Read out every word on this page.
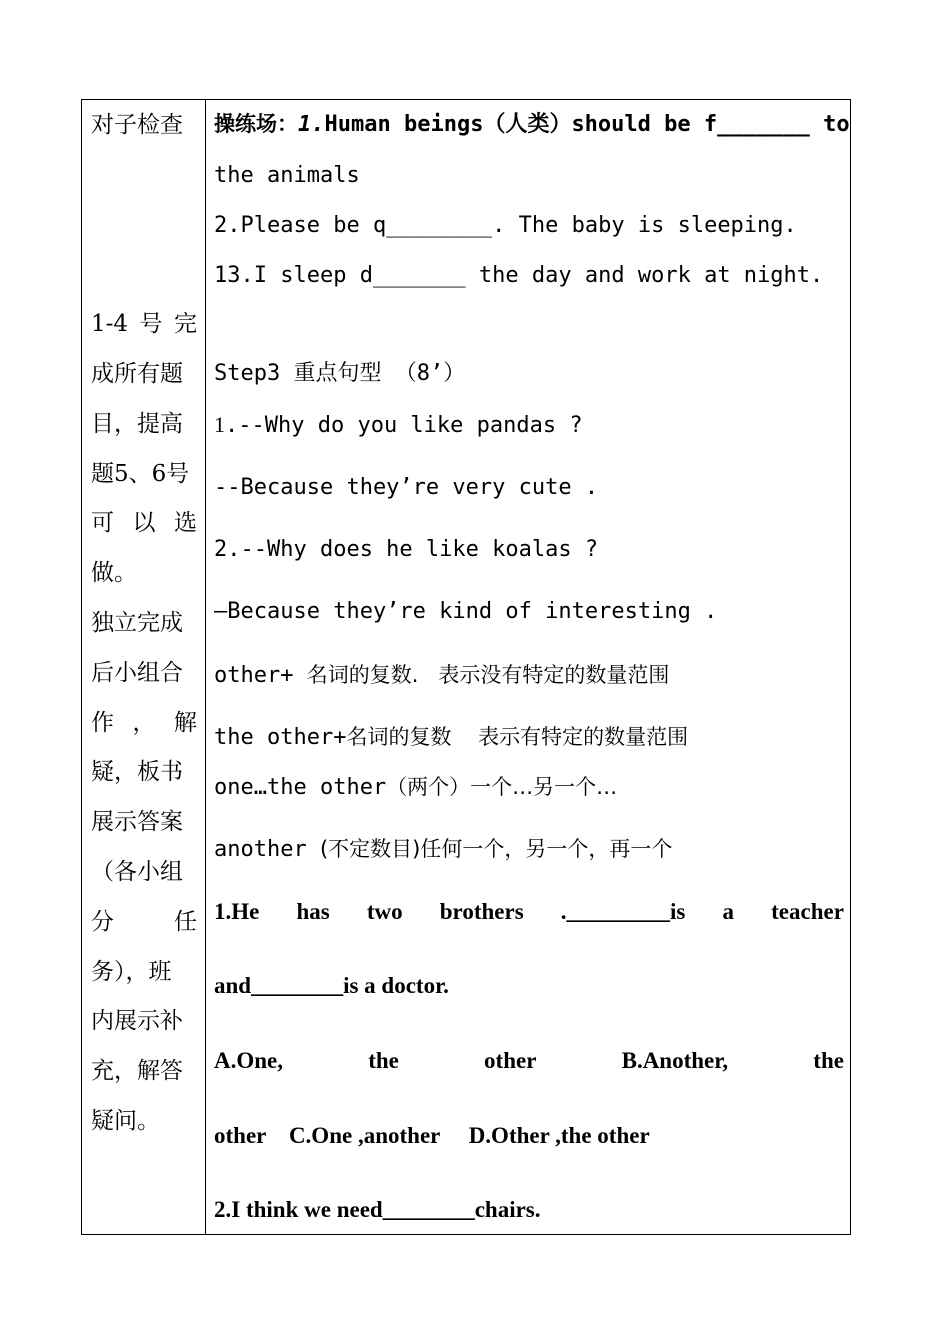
对子检查
1-4 号 完
成所有题
目，提高
题5、6号
可 以 选
做。
独立完成
后小组合
作 ， 解
疑，板书
展示答案
（各小组
分	任
务），班
内展示补
充，解答
疑问。
操练场：1.Human beings（人类）should be f_______ to
the animals
2.Please be q________. The baby is sleeping.
13.I sleep d_______ the day and work at night.
Step3 重点句型 （8’）
1.--Why do you like pandas ?
--Because they’re very cute .
2.--Why does he like koalas ?
—Because they’re kind of interesting .
other+ 名词的复数.   表示没有特定的数量范围
the other+名词的复数    表示有特定的数量范围
one…the other（两个）一个…另一个…
another (不定数目)任何一个，另一个，再一个
1.He has two brothers ._________is a teacher
and________is a doctor.
A.One,	the	other	B.Another,	the
other    C.One ,another     D.Other ,the other
2.I think we need________chairs.
